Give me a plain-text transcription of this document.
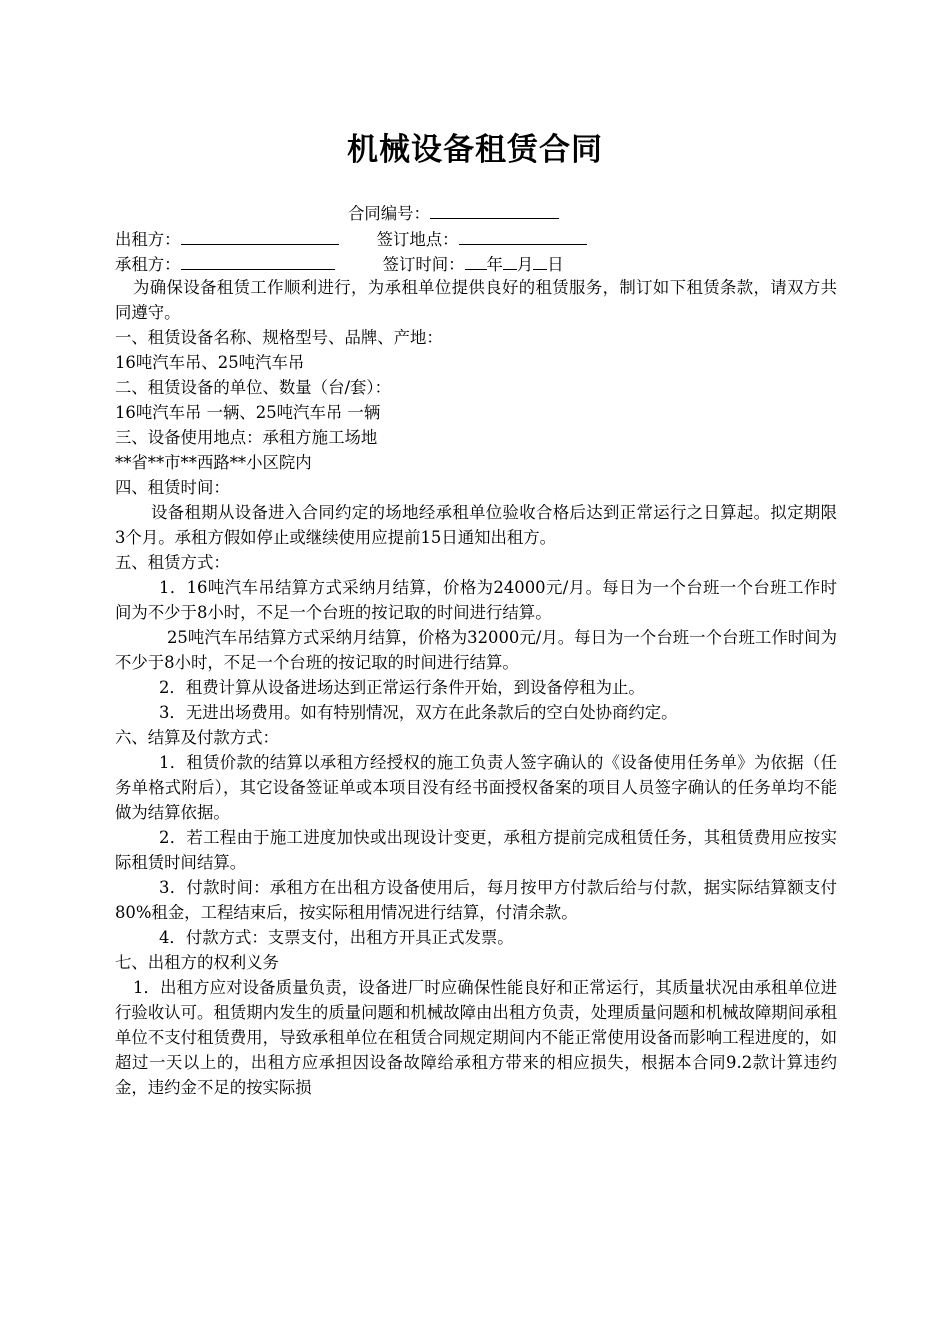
机械设备租赁合同
合同编号：
出租方：	签订地点：
承租方：	签订时间： 年 月 日
为确保设备租赁工作顺利进行，为承租单位提供良好的租赁服务，制订如下租赁条款，请双方共同遵守。
一、租赁设备名称、规格型号、品牌、产地：
16吨汽车吊、25吨汽车吊
二、租赁设备的单位、数量（台/套）：
16吨汽车吊 一辆、25吨汽车吊 一辆
三、设备使用地点：承租方施工场地
**省**市**西路**小区院内
四、租赁时间：
设备租期从设备进入合同约定的场地经承租单位验收合格后达到正常运行之日算起。拟定期限 3个月。承租方假如停止或继续使用应提前15日通知出租方。
五、租赁方式：
1．16吨汽车吊结算方式采纳月结算，价格为24000元/月。每日为一个台班一个台班工作时间为不少于8小时，不足一个台班的按记取的时间进行结算。
25吨汽车吊结算方式采纳月结算，价格为32000元/月。每日为一个台班一个台班工作时间为不少于8小时，不足一个台班的按记取的时间进行结算。
2．租费计算从设备进场达到正常运行条件开始，到设备停租为止。
3．无进出场费用。如有特别情况，双方在此条款后的空白处协商约定。
六、结算及付款方式：
1．租赁价款的结算以承租方经授权的施工负责人签字确认的《设备使用任务单》为依据（任务单格式附后），其它设备签证单或本项目没有经书面授权备案的项目人员签字确认的任务单均不能做为结算依据。
2．若工程由于施工进度加快或出现设计变更，承租方提前完成租赁任务，其租赁费用应按实际租赁时间结算。
3．付款时间：承租方在出租方设备使用后，每月按甲方付款后给与付款，据实际结算额支付80%租金，工程结束后，按实际租用情况进行结算，付清余款。
4．付款方式：支票支付，出租方开具正式发票。
七、出租方的权利义务
1．出租方应对设备质量负责，设备进厂时应确保性能良好和正常运行，其质量状况由承租单位进行验收认可。租赁期内发生的质量问题和机械故障由出租方负责，处理质量问题和机械故障期间承租单位不支付租赁费用，导致承租单位在租赁合同规定期间内不能正常使用设备而影响工程进度的，如超过一天以上的，出租方应承担因设备故障给承租方带来的相应损失，根据本合同9.2款计算违约金，违约金不足的按实际损
